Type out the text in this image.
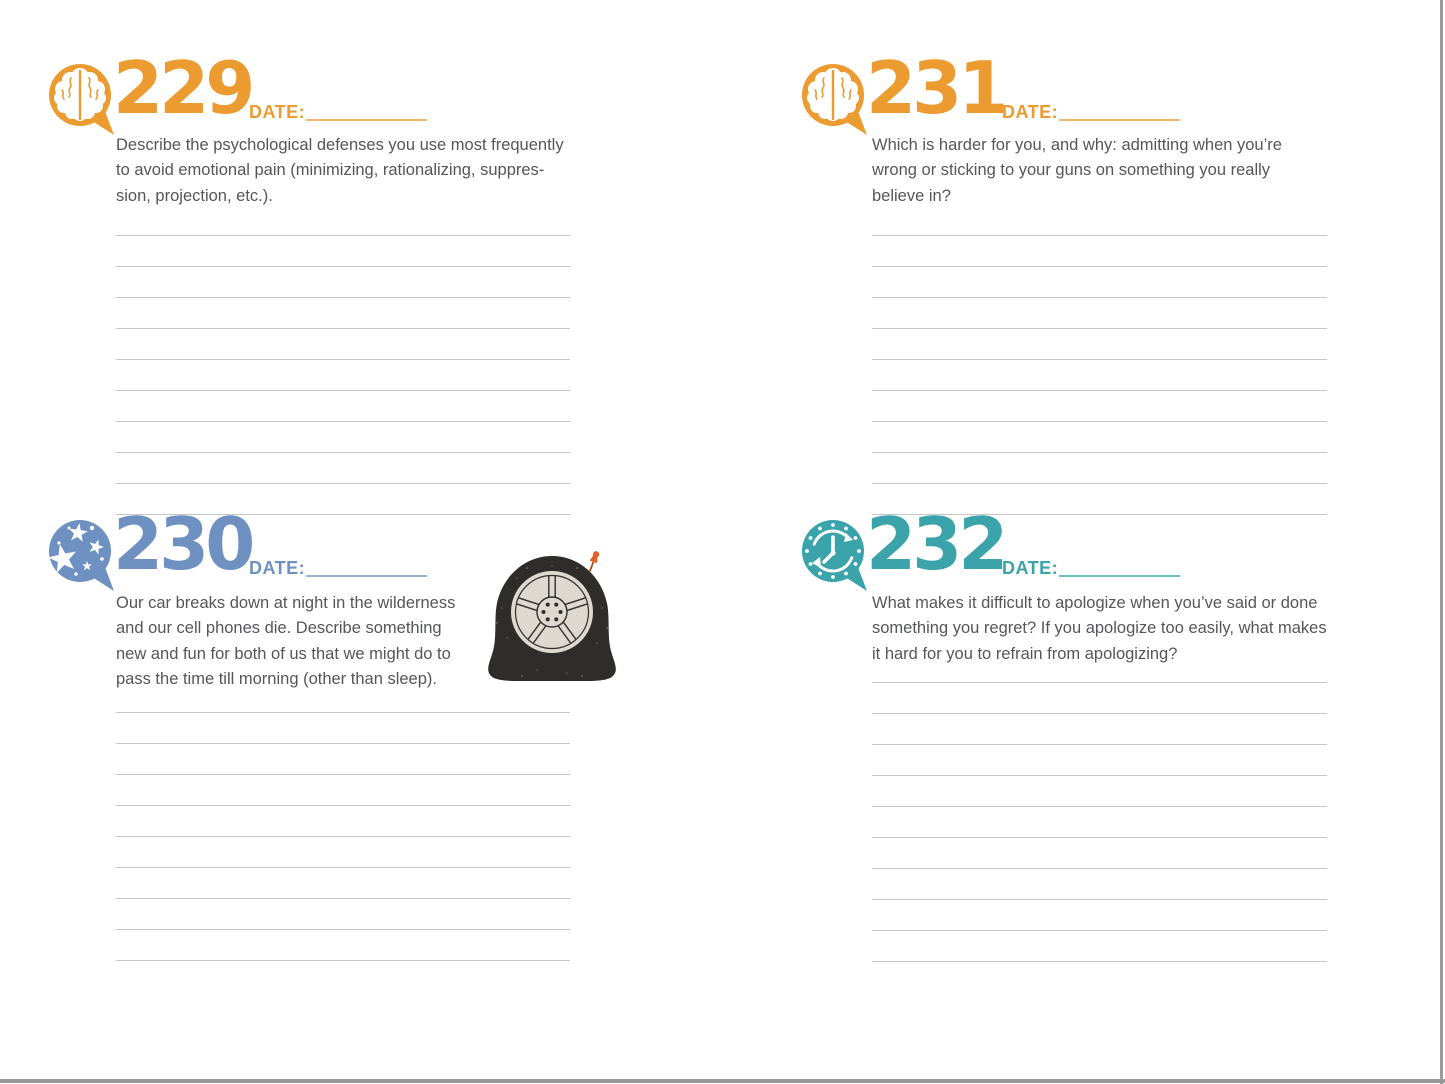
229
DATE:
Describe the psychological defenses you use most frequently
to avoid emotional pain (minimizing, rationalizing, suppres-
sion, projection, etc.).
230
DATE:
Our car breaks down at night in the wilderness
and our cell phones die. Describe something
new and fun for both of us that we might do to
pass the time till morning (other than sleep).
231
DATE:
Which is harder for you, and why: admitting when you’re
wrong or sticking to your guns on something you really
believe in?
232
DATE:
What makes it difficult to apologize when you’ve said or done
something you regret? If you apologize too easily, what makes
it hard for you to refrain from apologizing?
